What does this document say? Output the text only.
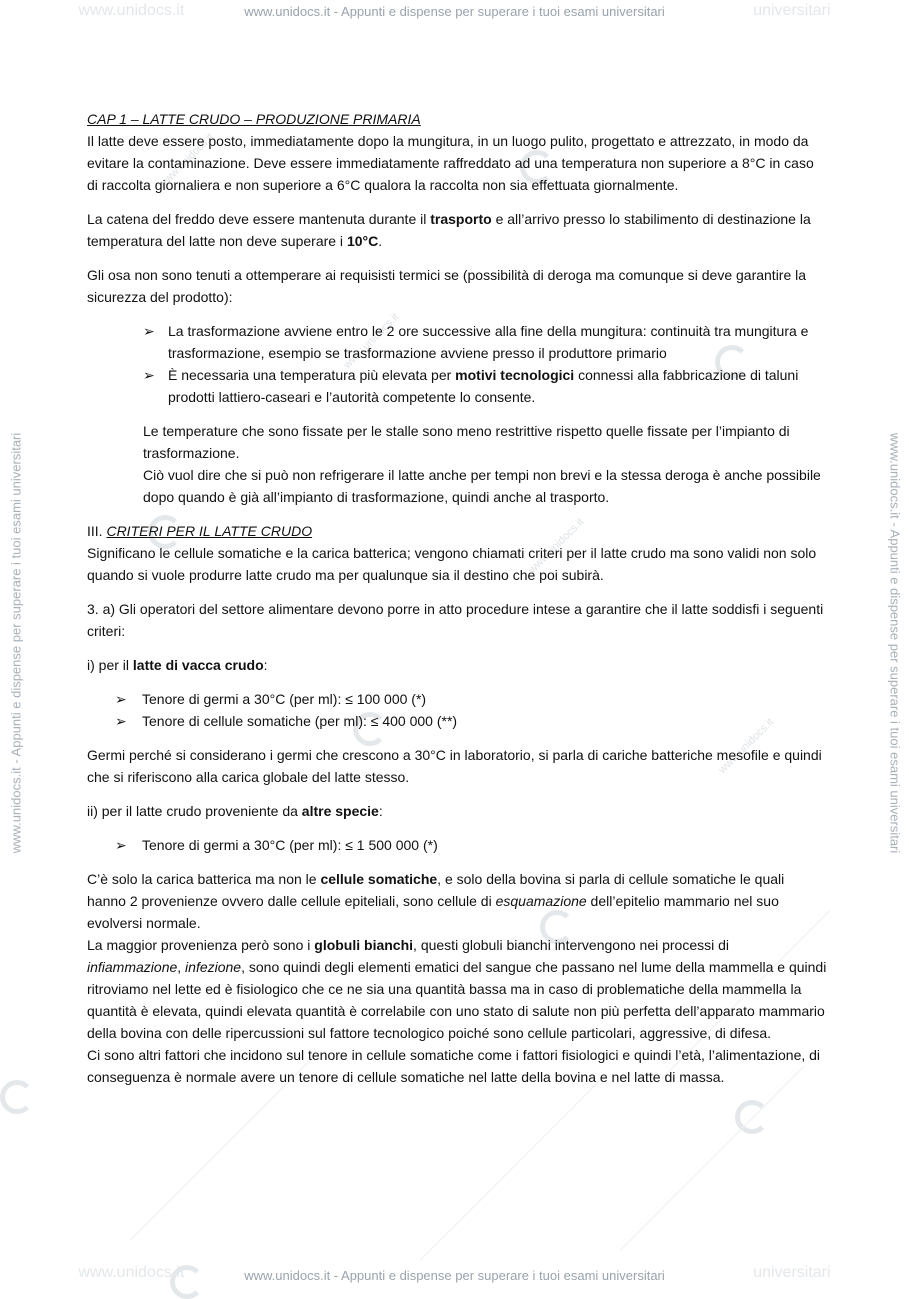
www.unidocs.it	universitari
www.unidocs.it - Appunti e dispense per superare i tuoi esami universitari
www.unidocs.it	universitari
www.unidocs.it - Appunti e dispense per superare i tuoi esami universitari
www.unidocs.it - Appunti e dispense per superare i tuoi esami universitari	www.unidocs.it - Appunti e dispense per superare i tuoi esami universitari
www.unidocs.it
www.unidocs.it
www.unidocs.it
www.unidocs.it

CAP 1 – LATTE CRUDO – PRODUZIONE PRIMARIA

Il latte deve essere posto, immediatamente dopo la mungitura, in un luogo pulito, progettato e attrezzato, in modo da evitare la contaminazione. Deve essere immediatamente raffreddato ad una temperatura non superiore a 8°C in caso di raccolta giornaliera e non superiore a 6°C qualora la raccolta non sia effettuata giornalmente.

La catena del freddo deve essere mantenuta durante il trasporto e all’arrivo presso lo stabilimento di destinazione la temperatura del latte non deve superare i 10°C.

Gli osa non sono tenuti a ottemperare ai requisisti termici se (possibilità di deroga ma comunque si deve garantire la sicurezza del prodotto):

➢ La trasformazione avviene entro le 2 ore successive alla fine della mungitura: continuità tra mungitura e trasformazione, esempio se trasformazione avviene presso il produttore primario
➢ È necessaria una temperatura più elevata per motivi tecnologici connessi alla fabbricazione di taluni prodotti lattiero-caseari e l’autorità competente lo consente.

Le temperature che sono fissate per le stalle sono meno restrittive rispetto quelle fissate per l’impianto di trasformazione.

Ciò vuol dire che si può non refrigerare il latte anche per tempi non brevi e la stessa deroga è anche possibile dopo quando è già all’impianto di trasformazione, quindi anche al trasporto.

III. CRITERI PER IL LATTE CRUDO

Significano le cellule somatiche e la carica batterica; vengono chiamati criteri per il latte crudo ma sono validi non solo quando si vuole produrre latte crudo ma per qualunque sia il destino che poi subirà.

3. a) Gli operatori del settore alimentare devono porre in atto procedure intese a garantire che il latte soddisfi i seguenti criteri:

i) per il latte di vacca crudo:

➢ Tenore di germi a 30°C (per ml): ≤ 100 000 (*)
➢ Tenore di cellule somatiche (per ml): ≤ 400 000 (**)

Germi perché si considerano i germi che crescono a 30°C in laboratorio, si parla di cariche batteriche mesofile e quindi che si riferiscono alla carica globale del latte stesso.

ii) per il latte crudo proveniente da altre specie:

➢ Tenore di germi a 30°C (per ml): ≤ 1 500 000 (*)

C’è solo la carica batterica ma non le cellule somatiche, e solo della bovina si parla di cellule somatiche le quali hanno 2 provenienze ovvero dalle cellule epiteliali, sono cellule di esquamazione dell’epitelio mammario nel suo evolversi normale.

La maggior provenienza però sono i globuli bianchi, questi globuli bianchi intervengono nei processi di infiammazione, infezione, sono quindi degli elementi ematici del sangue che passano nel lume della mammella e quindi ritroviamo nel lette ed è fisiologico che ce ne sia una quantità bassa ma in caso di problematiche della mammella la quantità è elevata, quindi elevata quantità è correlabile con uno stato di salute non più perfetta dell’apparato mammario della bovina con delle ripercussioni sul fattore tecnologico poiché sono cellule particolari, aggressive, di difesa.

Ci sono altri fattori che incidono sul tenore in cellule somatiche come i fattori fisiologici e quindi l’età, l’alimentazione, di conseguenza è normale avere un tenore di cellule somatiche nel latte della bovina e nel latte di massa.
